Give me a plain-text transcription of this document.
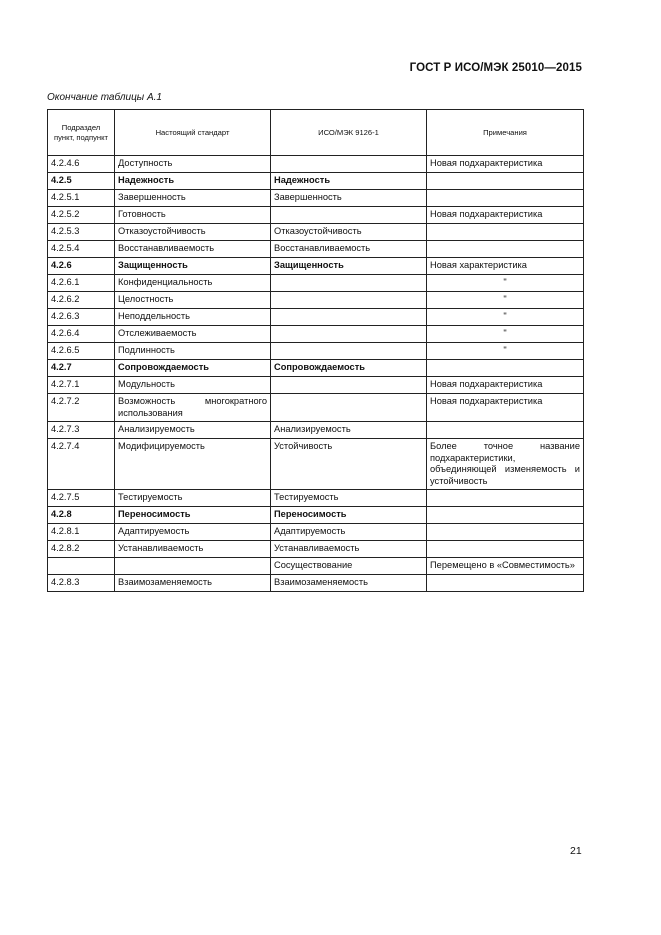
ГОСТ Р ИСО/МЭК 25010—2015
Окончание таблицы А.1
Подраздел пункт, подпункт	Настоящий стандарт	ИСО/МЭК 9126-1	Примечания
4.2.4.6	Доступность		Новая подхарактеристика
4.2.5	Надежность	Надежность	
4.2.5.1	Завершенность	Завершенность	
4.2.5.2	Готовность		Новая подхарактеристика
4.2.5.3	Отказоустойчивость	Отказоустойчивость	
4.2.5.4	Восстанавливаемость	Восстанавливаемость	
4.2.6	Защищенность	Защищенность	Новая характеристика
4.2.6.1	Конфиденциальность		"
4.2.6.2	Целостность		"
4.2.6.3	Неподдельность		"
4.2.6.4	Отслеживаемость		"
4.2.6.5	Подлинность		"
4.2.7	Сопровождаемость	Сопровождаемость	
4.2.7.1	Модульность		Новая подхарактеристика
4.2.7.2	Возможность многократного использования		Новая подхарактеристика
4.2.7.3	Анализируемость	Анализируемость	
4.2.7.4	Модифицируемость	Устойчивость	Более точное название подхарактеристики, объединяющей изменяемость и устойчивость
4.2.7.5	Тестируемость	Тестируемость	
4.2.8	Переносимость	Переносимость	
4.2.8.1	Адаптируемость	Адаптируемость	
4.2.8.2	Устанавливаемость	Устанавливаемость	
		Сосуществование	Перемещено в «Совместимость»
4.2.8.3	Взаимозаменяемость	Взаимозаменяемость	
21
